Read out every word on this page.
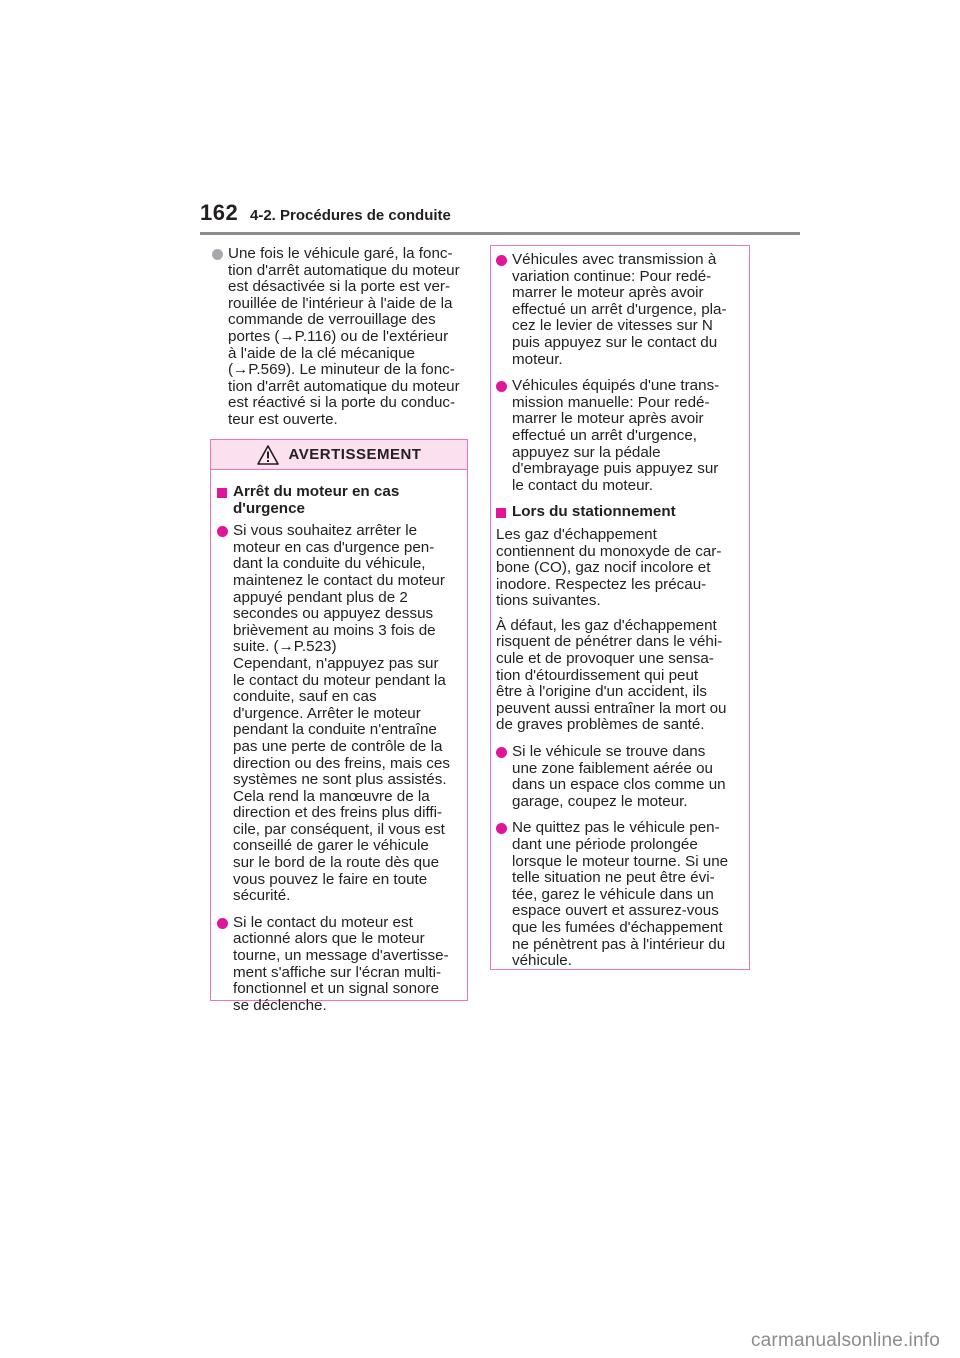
162 4-2. Procédures de conduite
Une fois le véhicule garé, la fonc-
tion d'arrêt automatique du moteur
est désactivée si la porte est ver-
rouillée de l'intérieur à l'aide de la
commande de verrouillage des
portes (→P.116) ou de l'extérieur
à l'aide de la clé mécanique
(→P.569). Le minuteur de la fonc-
tion d'arrêt automatique du moteur
est réactivé si la porte du conduc-
teur est ouverte.
AVERTISSEMENT
Arrêt du moteur en cas
d'urgence
Si vous souhaitez arrêter le
moteur en cas d'urgence pen-
dant la conduite du véhicule,
maintenez le contact du moteur
appuyé pendant plus de 2
secondes ou appuyez dessus
brièvement au moins 3 fois de
suite. (→P.523)
Cependant, n'appuyez pas sur
le contact du moteur pendant la
conduite, sauf en cas
d'urgence. Arrêter le moteur
pendant la conduite n'entraîne
pas une perte de contrôle de la
direction ou des freins, mais ces
systèmes ne sont plus assistés.
Cela rend la manœuvre de la
direction et des freins plus diffi-
cile, par conséquent, il vous est
conseillé de garer le véhicule
sur le bord de la route dès que
vous pouvez le faire en toute
sécurité.
Si le contact du moteur est
actionné alors que le moteur
tourne, un message d'avertisse-
ment s'affiche sur l'écran multi-
fonctionnel et un signal sonore
se déclenche.
Véhicules avec transmission à
variation continue: Pour redé-
marrer le moteur après avoir
effectué un arrêt d'urgence, pla-
cez le levier de vitesses sur N
puis appuyez sur le contact du
moteur.
Véhicules équipés d'une trans-
mission manuelle: Pour redé-
marrer le moteur après avoir
effectué un arrêt d'urgence,
appuyez sur la pédale
d'embrayage puis appuyez sur
le contact du moteur.
Lors du stationnement
Les gaz d'échappement
contiennent du monoxyde de car-
bone (CO), gaz nocif incolore et
inodore. Respectez les précau-
tions suivantes.
À défaut, les gaz d'échappement
risquent de pénétrer dans le véhi-
cule et de provoquer une sensa-
tion d'étourdissement qui peut
être à l'origine d'un accident, ils
peuvent aussi entraîner la mort ou
de graves problèmes de santé.
Si le véhicule se trouve dans
une zone faiblement aérée ou
dans un espace clos comme un
garage, coupez le moteur.
Ne quittez pas le véhicule pen-
dant une période prolongée
lorsque le moteur tourne. Si une
telle situation ne peut être évi-
tée, garez le véhicule dans un
espace ouvert et assurez-vous
que les fumées d'échappement
ne pénètrent pas à l'intérieur du
véhicule.
carmanualsonline.info
